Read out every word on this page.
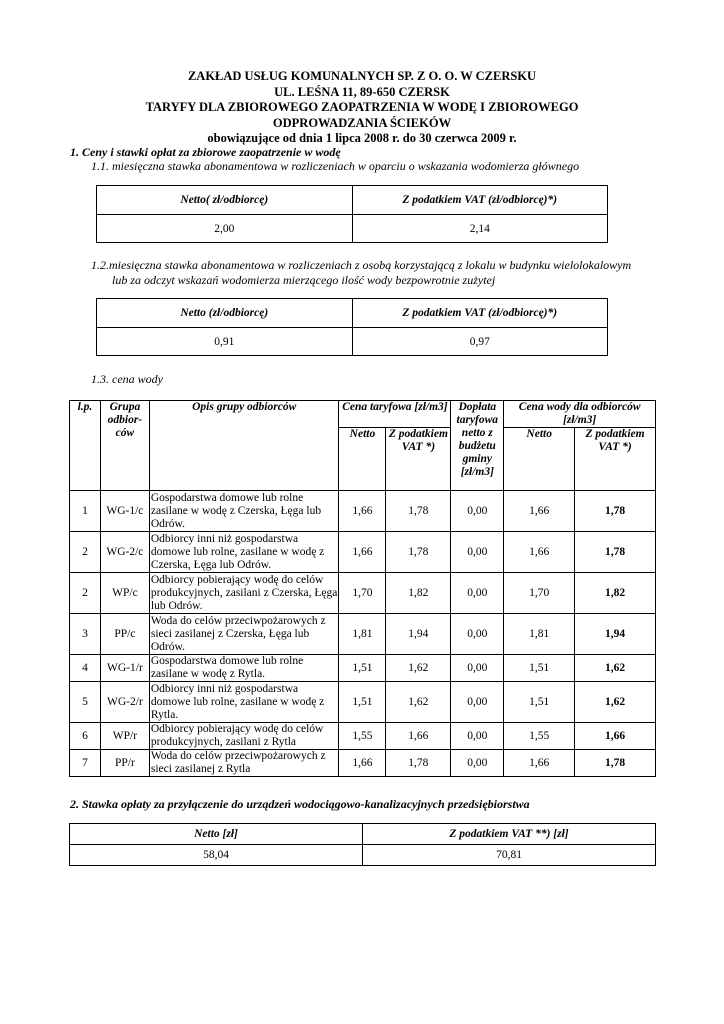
ZAKŁAD USŁUG KOMUNALNYCH SP. Z O. O. W CZERSKU
UL. LEŚNA 11, 89-650 CZERSK
TARYFY DLA ZBIOROWEGO ZAOPATRZENIA W WODĘ I ZBIOROWEGO
ODPROWADZANIA ŚCIEKÓW
obowiązujące od dnia 1 lipca 2008 r. do 30 czerwca 2009 r.
1. Ceny i stawki opłat za zbiorowe zaopatrzenie w wodę
1.1. miesięczna stawka abonamentowa w rozliczeniach w oparciu o wskazania wodomierza głównego
Netto( zł/odbiorcę)	Z podatkiem VAT (zł/odbiorcę)*)
2,00	2,14
1.2.miesięczna stawka abonamentowa w rozliczeniach z osobą korzystającą z lokalu w budynku wielolokalowym
lub za odczyt wskazań wodomierza mierzącego ilość wody bezpowrotnie zużytej
Netto (zł/odbiorcę)	Z podatkiem VAT (zł/odbiorcę)*)
0,91	0,97
1.3. cena wody
l.p.	Grupa odbior-ców	Opis grupy odbiorców	Cena taryfowa [zł/m3]		Dopłata taryfowa netto z budżetu gminy [zł/m3]	Cena wody dla odbiorców [zł/m3]	
			Netto	Z podatkiem VAT *)		Netto	Z podatkiem VAT *)
1	WG-1/c	Gospodarstwa domowe lub rolne zasilane w wodę z Czerska, Łęga lub Odrów.	1,66	1,78	0,00	1,66	1,78
2	WG-2/c	Odbiorcy inni niż gospodarstwa domowe lub rolne, zasilane w wodę z Czerska, Łęga lub Odrów.	1,66	1,78	0,00	1,66	1,78
2	WP/c	Odbiorcy pobierający wodę do celów produkcyjnych, zasilani z Czerska, Łęga lub Odrów.	1,70	1,82	0,00	1,70	1,82
3	PP/c	Woda do celów przeciwpożarowych z sieci zasilanej z Czerska, Łęga lub Odrów.	1,81	1,94	0,00	1,81	1,94
4	WG-1/r	Gospodarstwa domowe lub rolne zasilane w wodę z Rytla.	1,51	1,62	0,00	1,51	1,62
5	WG-2/r	Odbiorcy inni niż gospodarstwa domowe lub rolne, zasilane w wodę z Rytla.	1,51	1,62	0,00	1,51	1,62
6	WP/r	Odbiorcy pobierający wodę do celów produkcyjnych, zasilani z Rytla	1,55	1,66	0,00	1,55	1,66
7	PP/r	Woda do celów przeciwpożarowych z sieci zasilanej z Rytla	1,66	1,78	0,00	1,66	1,78
2. Stawka opłaty za przyłączenie do urządzeń wodociągowo-kanalizacyjnych przedsiębiorstwa
Netto [zł]	Z podatkiem VAT **) [zł]
58,04	70,81
